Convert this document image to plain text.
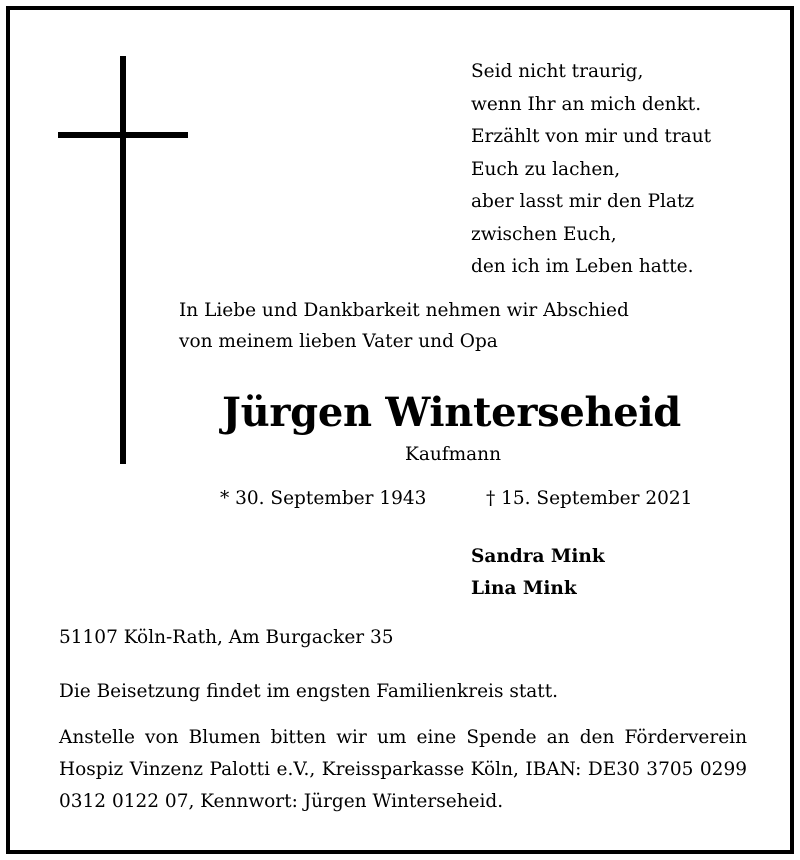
Seid nicht traurig,
wenn Ihr an mich denkt.
Erzählt von mir und traut
Euch zu lachen,
aber lasst mir den Platz
zwischen Euch,
den ich im Leben hatte.
In Liebe und Dankbarkeit nehmen wir Abschied
von meinem lieben Vater und Opa
Jürgen Winterseheid
Kaufmann
* 30. September 1943	† 15. September 2021
Sandra Mink
Lina Mink
51107 Köln-Rath, Am Burgacker 35
Die Beisetzung findet im engsten Familienkreis statt.
Anstelle von Blumen bitten wir um eine Spende an den Förderverein Hospiz Vinzenz Palotti e.V., Kreissparkasse Köln, IBAN: DE30 3705 0299 0312 0122 07, Kennwort: Jürgen Winterseheid.
